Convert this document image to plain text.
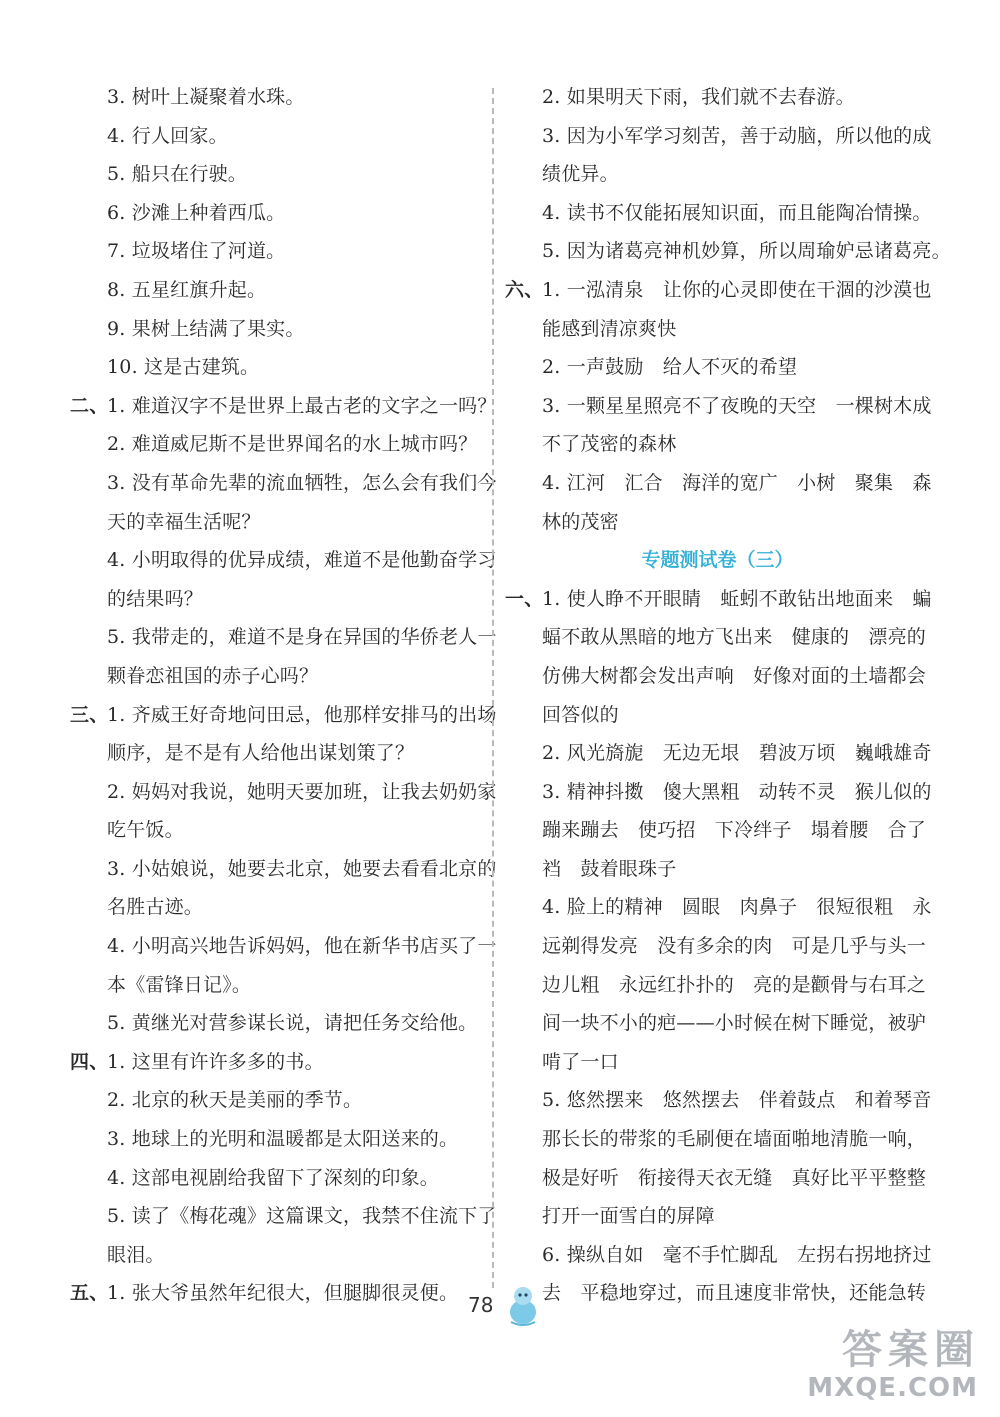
3. 树叶上凝聚着水珠。
4. 行人回家。
5. 船只在行驶。
6. 沙滩上种着西瓜。
7. 垃圾堵住了河道。
8. 五星红旗升起。
9. 果树上结满了果实。
10. 这是古建筑。
二、1. 难道汉字不是世界上最古老的文字之一吗？
2. 难道威尼斯不是世界闻名的水上城市吗？
3. 没有革命先辈的流血牺牲，怎么会有我们今
天的幸福生活呢？
4. 小明取得的优异成绩，难道不是他勤奋学习
的结果吗？
5. 我带走的，难道不是身在异国的华侨老人一
颗眷恋祖国的赤子心吗？
三、1. 齐威王好奇地问田忌，他那样安排马的出场
顺序，是不是有人给他出谋划策了？
2. 妈妈对我说，她明天要加班，让我去奶奶家
吃午饭。
3. 小姑娘说，她要去北京，她要去看看北京的
名胜古迹。
4. 小明高兴地告诉妈妈，他在新华书店买了一
本《雷锋日记》。
5. 黄继光对营参谋长说，请把任务交给他。
四、1. 这里有许许多多的书。
2. 北京的秋天是美丽的季节。
3. 地球上的光明和温暖都是太阳送来的。
4. 这部电视剧给我留下了深刻的印象。
5. 读了《梅花魂》这篇课文，我禁不住流下了
眼泪。
五、1. 张大爷虽然年纪很大，但腿脚很灵便。
2. 如果明天下雨，我们就不去春游。
3. 因为小军学习刻苦，善于动脑，所以他的成
绩优异。
4. 读书不仅能拓展知识面，而且能陶冶情操。
5. 因为诸葛亮神机妙算，所以周瑜妒忌诸葛亮。
六、1. 一泓清泉　让你的心灵即使在干涸的沙漠也
能感到清凉爽快
2. 一声鼓励　给人不灭的希望
3. 一颗星星照亮不了夜晚的天空　一棵树木成
不了茂密的森林
4. 江河　汇合　海洋的宽广　小树　聚集　森
林的茂密
专题测试卷（三）
一、1. 使人睁不开眼睛　蚯蚓不敢钻出地面来　蝙
蝠不敢从黑暗的地方飞出来　健康的　漂亮的
仿佛大树都会发出声响　好像对面的土墙都会
回答似的
2. 风光旖旎　无边无垠　碧波万顷　巍峨雄奇
3. 精神抖擞　傻大黑粗　动转不灵　猴儿似的
蹦来蹦去　使巧招　下冷绊子　塌着腰　合了
裆　鼓着眼珠子
4. 脸上的精神　圆眼　肉鼻子　很短很粗　永
远剃得发亮　没有多余的肉　可是几乎与头一
边儿粗　永远红扑扑的　亮的是颧骨与右耳之
间一块不小的疤——小时候在树下睡觉，被驴
啃了一口
5. 悠然摆来　悠然摆去　伴着鼓点　和着琴音
那长长的带浆的毛刷便在墙面啪地清脆一响，
极是好听　衔接得天衣无缝　真好比平平整整
打开一面雪白的屏障
6. 操纵自如　毫不手忙脚乱　左拐右拐地挤过
去　平稳地穿过，而且速度非常快，还能急转
78
答案圈
MXQE.COM
